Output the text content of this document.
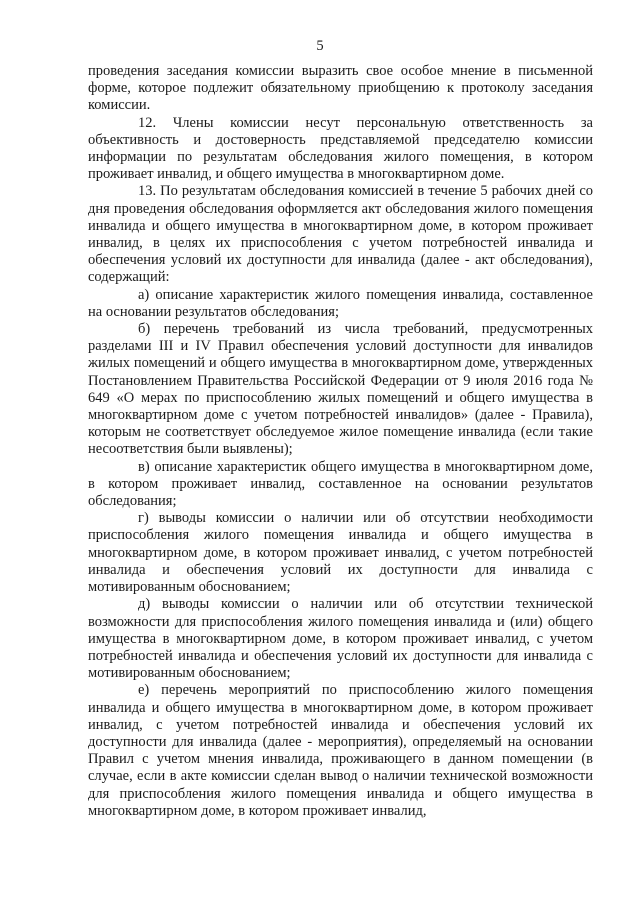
5

проведения заседания комиссии выразить свое особое мнение в письменной форме, которое подлежит обязательному приобщению к протоколу заседания комиссии.

12. Члены комиссии несут персональную ответственность за объективность и достоверность представляемой председателю комиссии информации по результатам обследования жилого помещения, в котором проживает инвалид, и общего имущества в многоквартирном доме.

13. По результатам обследования комиссией в течение 5 рабочих дней со дня проведения обследования оформляется акт обследования жилого помещения инвалида и общего имущества в многоквартирном доме, в котором проживает инвалид, в целях их приспособления с учетом потребностей инвалида и обеспечения условий их доступности для инвалида (далее - акт обследования), содержащий:

а) описание характеристик жилого помещения инвалида, составленное на основании результатов обследования;

б) перечень требований из числа требований, предусмотренных разделами III и IV Правил обеспечения условий доступности для инвалидов жилых помещений и общего имущества в многоквартирном доме, утвержденных Постановлением Правительства Российской Федерации от 9 июля 2016 года № 649 «О мерах по приспособлению жилых помещений и общего имущества в многоквартирном доме с учетом потребностей инвалидов» (далее - Правила), которым не соответствует обследуемое жилое помещение инвалида (если такие несоответствия были выявлены);

в) описание характеристик общего имущества в многоквартирном доме, в котором проживает инвалид, составленное на основании результатов обследования;

г) выводы комиссии о наличии или об отсутствии необходимости приспособления жилого помещения инвалида и общего имущества в многоквартирном доме, в котором проживает инвалид, с учетом потребностей инвалида и обеспечения условий их доступности для инвалида с мотивированным обоснованием;

д) выводы комиссии о наличии или об отсутствии технической возможности для приспособления жилого помещения инвалида и (или) общего имущества в многоквартирном доме, в котором проживает инвалид, с учетом потребностей инвалида и обеспечения условий их доступности для инвалида с мотивированным обоснованием;

е) перечень мероприятий по приспособлению жилого помещения инвалида и общего имущества в многоквартирном доме, в котором проживает инвалид, с учетом потребностей инвалида и обеспечения условий их доступности для инвалида (далее - мероприятия), определяемый на основании Правил с учетом мнения инвалида, проживающего в данном помещении (в случае, если в акте комиссии сделан вывод о наличии технической возможности для приспособления жилого помещения инвалида и общего имущества в многоквартирном доме, в котором проживает инвалид,
